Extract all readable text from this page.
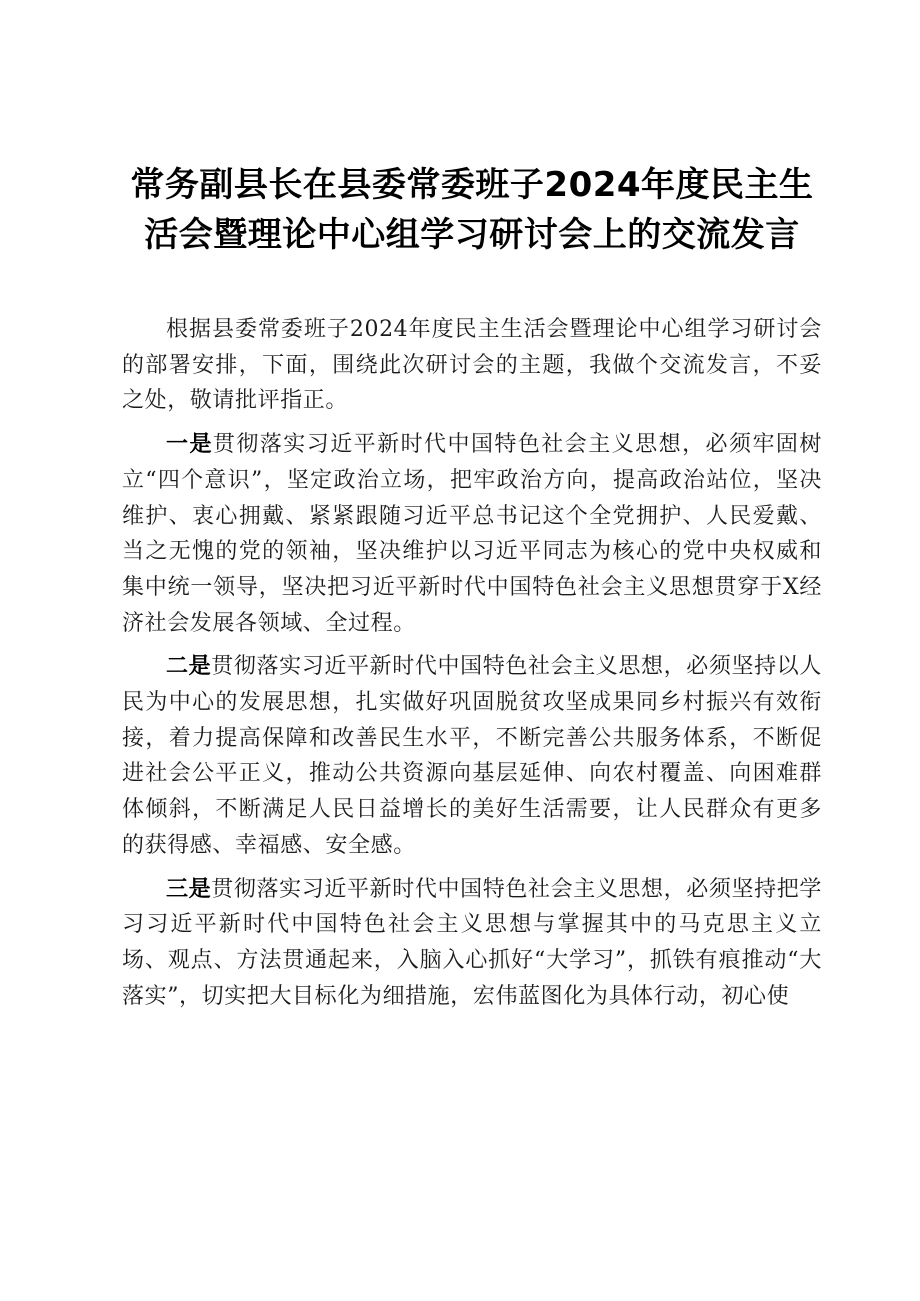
常务副县长在县委常委班子2024年度民主生
活会暨理论中心组学习研讨会上的交流发言

根据县委常委班子2024年度民主生活会暨理论中心组学习研讨会的部署安排，下面，围绕此次研讨会的主题，我做个交流发言，不妥之处，敬请批评指正。

一是贯彻落实习近平新时代中国特色社会主义思想，必须牢固树立“四个意识”，坚定政治立场，把牢政治方向，提高政治站位，坚决维护、衷心拥戴、紧紧跟随习近平总书记这个全党拥护、人民爱戴、当之无愧的党的领袖，坚决维护以习近平同志为核心的党中央权威和集中统一领导，坚决把习近平新时代中国特色社会主义思想贯穿于X经济社会发展各领域、全过程。

二是贯彻落实习近平新时代中国特色社会主义思想，必须坚持以人民为中心的发展思想，扎实做好巩固脱贫攻坚成果同乡村振兴有效衔接，着力提高保障和改善民生水平，不断完善公共服务体系，不断促进社会公平正义，推动公共资源向基层延伸、向农村覆盖、向困难群体倾斜，不断满足人民日益增长的美好生活需要，让人民群众有更多的获得感、幸福感、安全感。

三是贯彻落实习近平新时代中国特色社会主义思想，必须坚持把学习习近平新时代中国特色社会主义思想与掌握其中的马克思主义立场、观点、方法贯通起来，入脑入心抓好“大学习”，抓铁有痕推动“大落实”，切实把大目标化为细措施，宏伟蓝图化为具体行动，初心使
